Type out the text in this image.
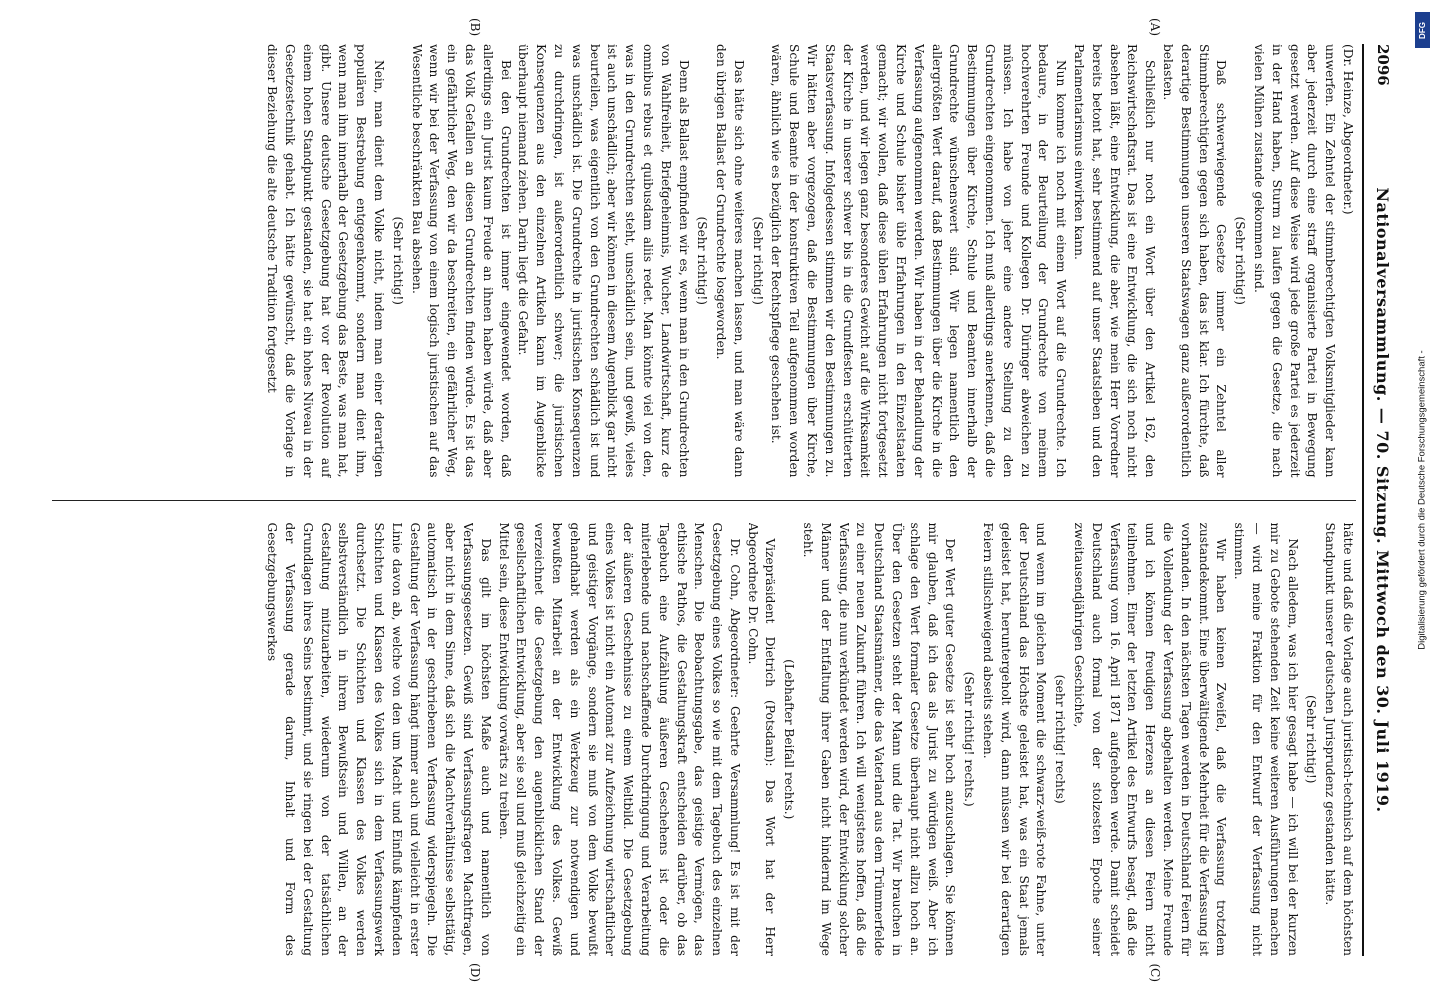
2096
Nationalversammlung. — 70. Sitzung. Mittwoch den 30. Juli 1919.

(Dr. Heinze, Abgeordneter.)

unwerfen. Ein Zehntel der stimmberechtigten Volksmitglieder kann aber jederzeit durch eine straff organisierte Partei in Bewegung gesetzt werden. Auf diese Weise wird jede große Partei es jederzeit in der Hand haben, Sturm zu laufen gegen die Gesetze, die nach vielen Mühen zustande gekommen sind.

(Sehr richtig!)

Daß schwerwiegende Gesetze immer ein Zehntel aller Stimmberechtigten gegen sich haben, das ist klar. Ich fürchte, daß derartige Bestimmungen unseren Staatswagen ganz außerordentlich belasten.

Schließlich nur noch ein Wort über den Artikel 162, den Reichswirtschaftsrat. Das ist eine Entwicklung, die sich noch nicht absehen läßt, eine Entwicklung, die aber, wie mein Herr Vorredner bereits betont hat, sehr bestimmend auf unser Staatsleben und den Parlamentarismus einwirken kann.

Nun komme ich noch mit einem Wort auf die Grundrechte. Ich bedaure, in der Beurteilung der Grundrechte von meinem hochverehrten Freunde und Kollegen Dr. Düringer abweichen zu müssen. Ich habe von jeher eine andere Stellung zu den Grundrechten eingenommen. Ich muß allerdings anerkennen, daß die Bestimmungen über Kirche, Schule und Beamten innerhalb der Grundrechte wünschenswert sind. Wir legen namentlich den allergrößten Wert darauf, daß Bestimmungen über die Kirche in die Verfassung aufgenommen werden. Wir haben in der Behandlung der Kirche und Schule bisher üble Erfahrungen in den Einzelstaaten gemacht; wir wollen, daß diese üblen Erfahrungen nicht fortgesetzt werden, und wir legen ganz besonderes Gewicht auf die Wirksamkeit der Kirche in unserer schwer bis in die Grundfesten erschütterten Staatsverfassung. Infolgedessen stimmen wir den Bestimmungen zu. Wir hätten aber vorgezogen, daß die Bestimmungen über Kirche, Schule und Beamte in der konstruktiven Teil aufgenommen worden wären, ähnlich wie es bezüglich der Rechtspflege geschehen ist.

(Sehr richtig!)

Das hätte sich ohne weiteres machen lassen, und man wäre dann den übrigen Ballast der Grundrechte losgeworden.

(Sehr richtig!)

Denn als Ballast empfinden wir es, wenn man in den Grundrechten von Wahlfreiheit, Briefgeheimnis, Wucher, Landwirtschaft, kurz de omnibus rebus et quibusdam aliis redet. Man könnte viel von den, was in den Grundrechten steht, unschädlich sein, und gewiß, vieles ist auch unschädlich; aber wir können in diesem Augenblick gar nicht beurteilen, was eigentlich von den Grundrechten schädlich ist und was unschädlich ist. Die Grundrechte in juristischen Konsequenzen zu durchdringen, ist außerordentlich schwer; die juristischen Konsequenzen aus den einzelnen Artikeln kann im Augenblicke überhaupt niemand ziehen. Darin liegt die Gefahr.

Bei den Grundrechten ist immer eingewendet worden, daß allerdings ein Jurist kaum Freude an ihnen haben würde, daß aber das Volk Gefallen an diesen Grundrechten finden würde. Es ist das ein gefährlicher Weg, den wir da beschreiten, ein gefährlicher Weg, wenn wir bei der Verfassung von einem logisch juristischen auf das Wesentliche beschränkten Bau absehen.

(Sehr richtig!)

Nein, man dient dem Volke nicht, indem man einer derartigen populären Bestrebung entgegenkommt, sondern man dient ihm, wenn man ihm innerhalb der Gesetzgebung das Beste, was man hat, gibt. Unsere deutsche Gesetzgebung hat vor der Revolution auf einem hohen Standpunkt gestanden, sie hat ein hohes Niveau in der Gesetzestechnik gehabt. Ich hätte gewünscht, daß die Vorlage in dieser Beziehung die alte deutsche Tradition fortgesetzt

hätte und daß die Vorlage auch juristisch-technisch auf dem höchsten Standpunkt unserer deutschen Jurisprudenz gestanden hätte.

(Sehr richtig!)

Nach alledem, was ich hier gesagt habe — ich will bei der kurzen mir zu Gebote stehenden Zeit keine weiteren Ausführungen machen — wird meine Fraktion für den Entwurf der Verfassung nicht stimmen.

Wir haben keinen Zweifel, daß die Verfassung trotzdem zustandekommt. Eine überwältigende Mehrheit für die Verfassung ist vorhanden. In den nächsten Tagen werden in Deutschland Feiern für die Vollendung der Verfassung abgehalten werden. Meine Freunde und ich können freudigen Herzens an diesen Feiern nicht teilnehmen. Einer der letzten Artikel des Entwurfs besagt, daß die Verfassung vom 16. April 1871 aufgehoben werde. Damit scheidet Deutschland auch formal von der stolzesten Epoche seiner zweitausendjährigen Geschichte,

(sehr richtig! rechts)

und wenn im gleichen Moment die schwarz-weiß-rote Fahne, unter der Deutschland das Höchste geleistet hat, was ein Staat jemals geleistet hat, heruntergeholt wird, dann müssen wir bei derartigen Feiern stillschweigend abseits stehen.

(Sehr richtig! rechts.)

Der Wert guter Gesetze ist sehr hoch anzuschlagen. Sie können mir glauben, daß ich das als Jurist zu würdigen weiß. Aber ich schlage den Wert formaler Gesetze überhaupt nicht allzu hoch an. Über den Gesetzen steht der Mann und die Tat. Wir brauchen in Deutschland Staatsmänner, die das Vaterland aus dem Trümmerfelde zu einer neuen Zukunft führen. Ich will wenigstens hoffen, daß die Verfassung, die nun verkündet werden wird, der Entwicklung solcher Männer und der Entfaltung ihrer Gaben nicht hindernd im Wege steht.

(Lebhafter Beifall rechts.)

Vizepräsident Dietrich (Potsdam): Das Wort hat der Herr Abgeordnete Dr. Cohn.

Dr. Cohn, Abgeordneter: Geehrte Versammlung! Es ist mit der Gesetzgebung eines Volkes so wie mit dem Tagebuch des einzelnen Menschen. Die Beobachtungsgabe, das geistige Vermögen, das ethische Pathos, die Gestaltungskraft entscheiden darüber, ob das Tagebuch eine Aufzählung äußeren Geschehens ist oder die miterlebende und nachschaffende Durchdringung und Verarbeitung der äußeren Geschehnisse zu einem Weltbild. Die Gesetzgebung eines Volkes ist nicht ein Automat zur Aufzeichnung wirtschaftlicher und geistiger Vorgänge, sondern sie muß von dem Volke bewußt gehandhabt werden als ein Werkzeug zur notwendigen und bewußten Mitarbeit an der Entwicklung des Volkes. Gewiß verzeichnet die Gesetzgebung den augenblicklichen Stand der gesellschaftlichen Entwicklung, aber sie soll und muß gleichzeitig ein Mittel sein, diese Entwicklung vorwärts zu treiben.

Das gilt im höchsten Maße auch und namentlich von Verfassungsgesetzen. Gewiß sind Verfassungsfragen Machtfragen, aber nicht in dem Sinne, daß sich die Machtverhältnisse selbsttätig, automatisch in der geschriebenen Verfassung widerspiegeln. Die Gestaltung der Verfassung hängt immer auch und vielleicht in erster Linie davon ab, welche von den um Macht und Einfluß kämpfenden Schichten und Klassen des Volkes sich in dem Verfassungswerk durchsetzt. Die Schichten und Klassen des Volkes werden selbstverständlich in ihrem Bewußtsein und Willen, an der Gestaltung mitzuarbeiten, wiederum von der tatsächlichen Grundlagen ihres Seins bestimmt, und sie ringen bei der Gestaltung der Verfassung gerade darum, Inhalt und Form des Gesetzgebungswerkes

(A)
(B)
(C)
(D)
Digitalisierung gefördert durch die Deutsche Forschungsgemeinschaft -
DFG
